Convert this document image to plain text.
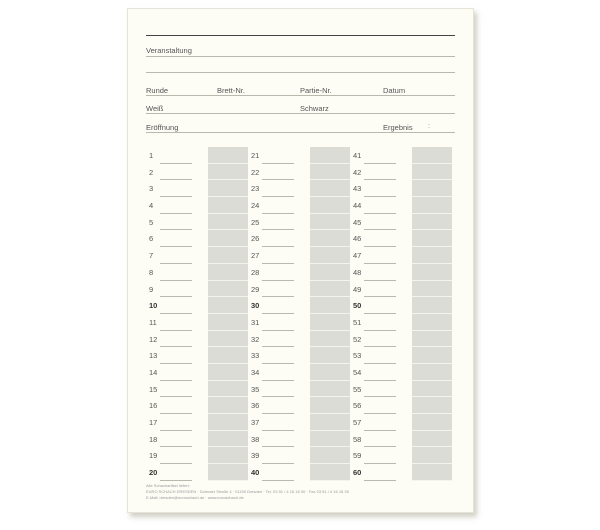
Veranstaltung
Runde	Brett-Nr.	Partie-Nr.	Datum
Weiß	Schwarz
Eröffnung	Ergebnis :
1
2
3
4
5
6
7
8
9
10
11
12
13
14
15
16
17
18
19
20
21
22
23
24
25
26
27
28
29
30
31
32
33
34
35
36
37
38
39
40
41
42
43
44
45
46
47
48
49
50
51
52
53
54
55
56
57
58
59
60
Alle Schachartikel liefert:
EURO SCHACH DRESDEN · Dohnaer Straße 4 · 01159 Dresden · Tel. 03 51 / 4 16 18 30 · Fax 03 51 / 4 16 18 39
E-Mail: dresden@euroschach.de · www.euroschach.de
